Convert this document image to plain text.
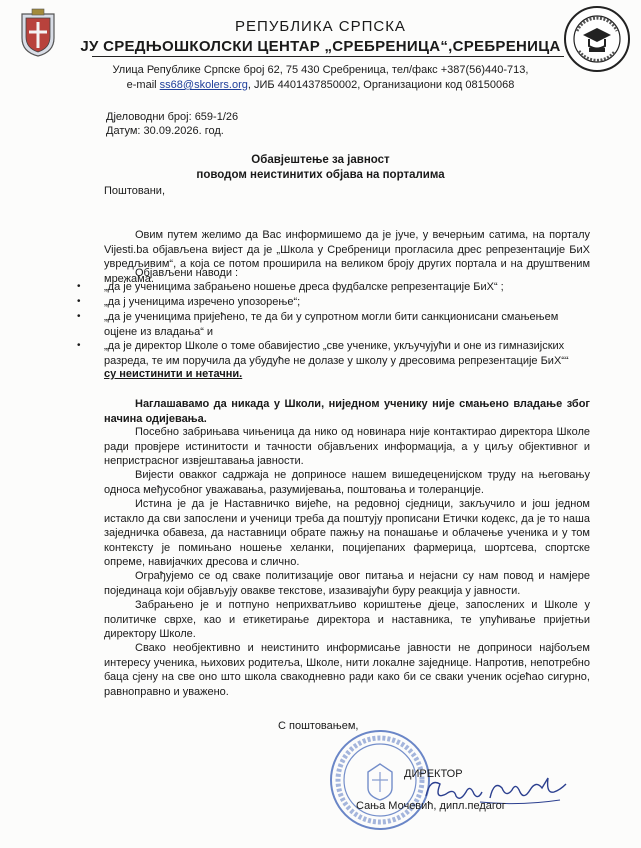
РЕПУБЛИКА СРПСКА
ЈУ СРЕДЊОШКОЛСКИ ЦЕНТАР „СРЕБРЕНИЦА“,СРЕБРЕНИЦА
Улица Републике Српске број 62, 75 430 Сребреница, тел/факс +387(56)440-713,
e-mail ss68@skolers.org, ЈИБ 4401437850002, Организациони код 08150068
Дјеловодни број: 659-1/26
Датум: 30.09.2026. год.
Обавјештење за јавност
поводом неистинитих објава на порталима
Поштовани,
Овим путем желимо да Вас информишемо да је јуче, у вечерњим сатима, на порталу Vijesti.ba објављена вијест да је „Школа у Сребреници прогласила дрес репрезентације БиХ увредљивим“, а која се потом проширила на великом броју других портала и на друштвеним мрежама.
Објављени наводи :
• „да је ученицима забрањено ношење дреса фудбалске репрезентације БиХ“ ;
• „да ј ученицима изречено упозорење“;
• „да је ученицима пријећено, те да би у супротном могли бити санкционисани смањењем оцјене из владања“ и
• „да је директор Школе о томе обавијестио „све ученике, укључујући и оне из гимназијских разреда, те им поручила да убудуће не долазе у школу у дресовима репрезентације БиХ““
су неистинити и нетачни.
Наглашавамо да никада у Школи, ниједном ученику није смањено владање због начина одијевања.
Посебно забрињава чињеница да нико од новинара није контактирао директора Школе ради провјере истинитости и тачности објављених информација, а у циљу објективног и непристрасног извјештавања јавности.
Вијести овакког садржаја не доприносе нашем вишедеценијском труду на његовању односа међусобног уважавања, разумијевања, поштовања и толеранције.
Истина је да је Наставничко вијеће, на редовној сједници, закључило и још једном истакло да сви запослени и ученици треба да поштују прописани Етички кодекс, да је то наша заједничка обавеза, да наставници обрате пажњу на понашање и облачење ученика и у том контексту је помињано ношење хеланки, поцијепаних фармерица, шортсева, спортске опреме, навијачких дресова и слично.
Ограђујемо се од сваке политизације овог питања и нејасни су нам повод и намјере појединаца који објављују овакве текстове, изазивајући буру реакција у јавности.
Забрањено је и потпуно неприхватљиво кориштење дјеце, запослених и Школе у политичке сврхе, као и етикетирање директора и наставника, те упућивање пријетњи директору Школе.
Свако необјективно и неистинито информисање јавности не доприноси најбољем интересу ученика, њихових родитеља, Школе, нити локалне заједнице. Напротив, непотребно баца сјену на све оно што школа свакодневно ради како би се сваки ученик осјећао сигурно, равноправно и уважено.
С поштовањем,
ДИРЕКТОР
Сања Мочевић, дипл.педагог
